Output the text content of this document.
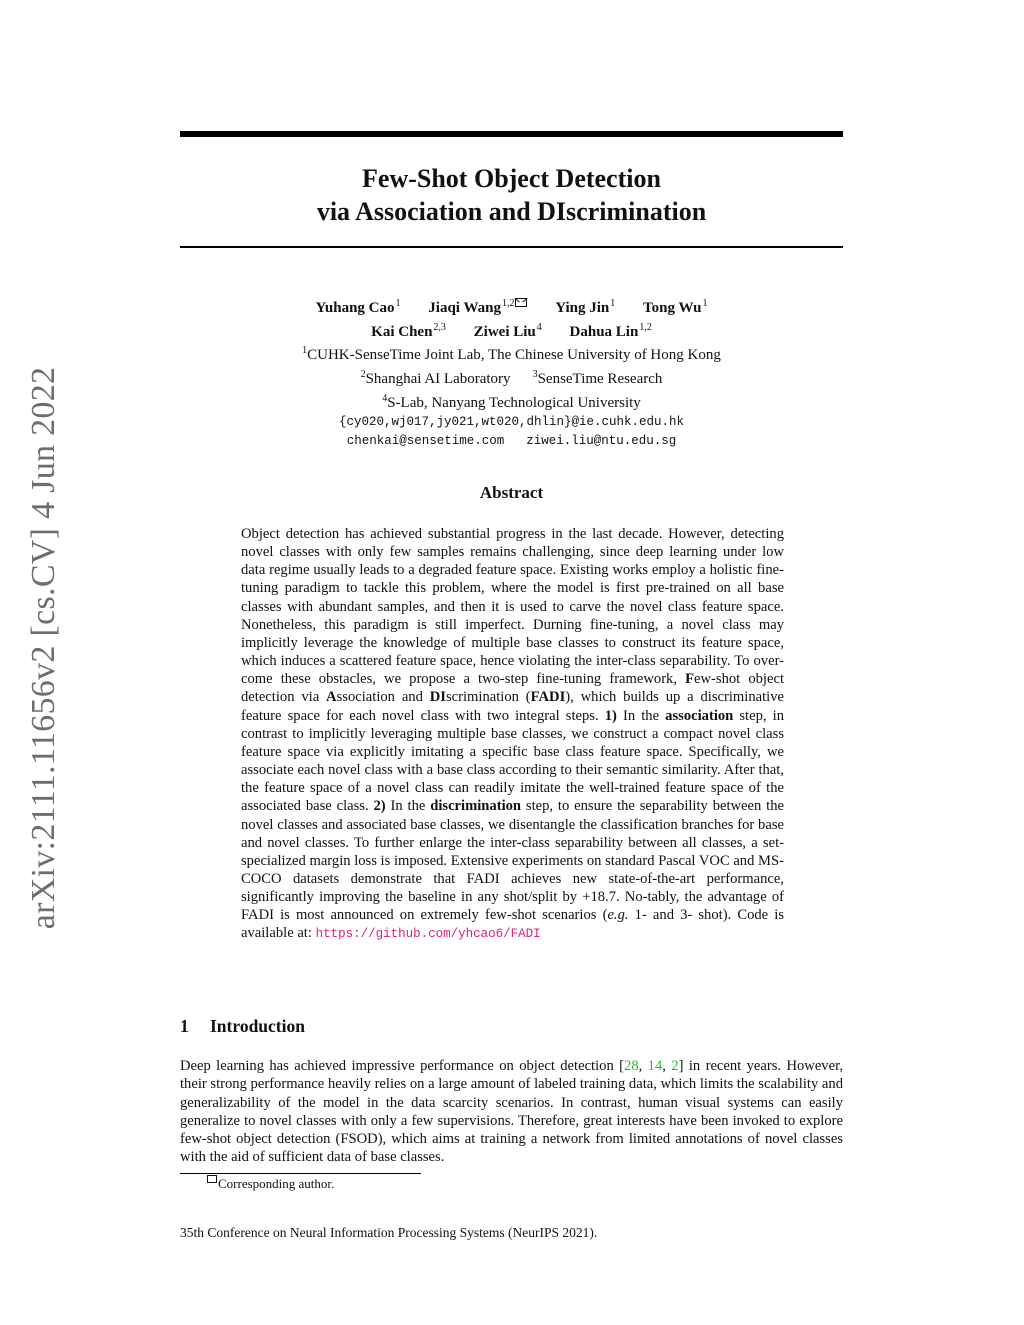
arXiv:2111.11656v2 [cs.CV] 4 Jun 2022
Few-Shot Object Detection
via Association and DIscrimination
Yuhang Cao$^1$ Jiaqi Wang$^{1,2}$	Ying Jin$^1$ Tong Wu$^1$
Kai Chen$^{2,3}$ Ziwei Liu$^4$ Dahua Lin$^{1,2}$
$^1$CUHK-SenseTime Joint Lab, The Chinese University of Hong Kong
$^2$Shanghai AI Laboratory $^3$SenseTime Research
$^4$S-Lab, Nanyang Technological University
{cy020,wj017,jy021,wt020,dhlin}@ie.cuhk.edu.hk
chenkai@sensetime.com ziwei.liu@ntu.edu.sg
Abstract
Object detection has achieved substantial progress in the last decade. However, detecting novel classes with only few samples remains challenging, since deep learning under low data regime usually leads to a degraded feature space. Existing works employ a holistic fine-tuning paradigm to tackle this problem, where the model is first pre-trained on all base classes with abundant samples, and then it is used to carve the novel class feature space. Nonetheless, this paradigm is still imperfect. Durning fine-tuning, a novel class may implicitly leverage the knowledge of multiple base classes to construct its feature space, which induces a scattered feature space, hence violating the inter-class separability. To over-come these obstacles, we propose a two-step fine-tuning framework, Few-shot object detection via Association and DIscrimination (FADI), which builds up a discriminative feature space for each novel class with two integral steps. 1) In the association step, in contrast to implicitly leveraging multiple base classes, we construct a compact novel class feature space via explicitly imitating a specific base class feature space. Specifically, we associate each novel class with a base class according to their semantic similarity. After that, the feature space of a novel class can readily imitate the well-trained feature space of the associated base class. 2) In the discrimination step, to ensure the separability between the novel classes and associated base classes, we disentangle the classification branches for base and novel classes. To further enlarge the inter-class separability between all classes, a set-specialized margin loss is imposed. Extensive experiments on standard Pascal VOC and MS-COCO datasets demonstrate that FADI achieves new state-of-the-art performance, significantly improving the baseline in any shot/split by +18.7. No-tably, the advantage of FADI is most announced on extremely few-shot scenarios (e.g. 1- and 3- shot). Code is available at: https://github.com/yhcao6/FADI
1 Introduction
Deep learning has achieved impressive performance on object detection [28, 14, 2] in recent years. However, their strong performance heavily relies on a large amount of labeled training data, which limits the scalability and generalizability of the model in the data scarcity scenarios. In contrast, human visual systems can easily generalize to novel classes with only a few supervisions. Therefore, great interests have been invoked to explore few-shot object detection (FSOD), which aims at training a network from limited annotations of novel classes with the aid of sufficient data of base classes.
Corresponding author.
35th Conference on Neural Information Processing Systems (NeurIPS 2021).
